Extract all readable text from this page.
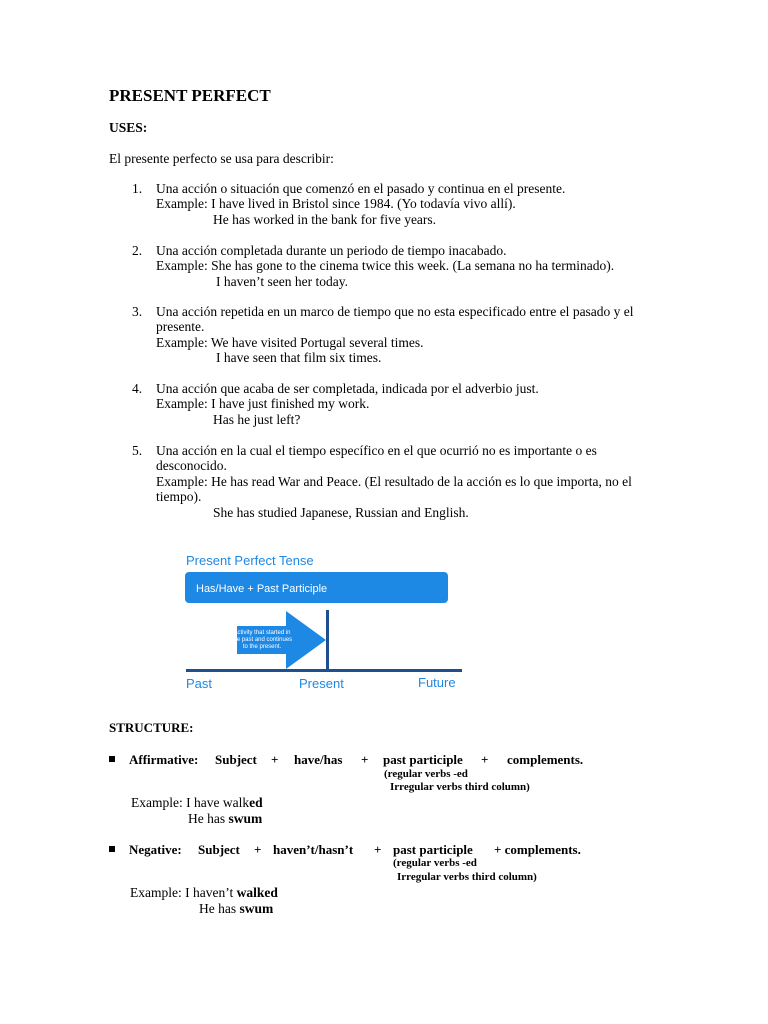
PRESENT PERFECT
USES:
El presente perfecto se usa para describir:
1. Una acción o situación que comenzó en el pasado y continua en el presente.
Example: I have lived in Bristol since 1984. (Yo todavía vivo allí).
He has worked in the bank for five years.
2. Una acción completada durante un periodo de tiempo inacabado.
Example: She has gone to the cinema twice this week. (La semana no ha terminado).
I haven’t seen her today.
3. Una acción repetida en un marco de tiempo que no esta especificado entre el pasado y el
presente.
Example: We have visited Portugal several times.
I have seen that film six times.
4. Una acción que acaba de ser completada, indicada por el adverbio just.
Example: I have just finished my work.
Has he just left?
5. Una acción en la cual el tiempo específico en el que ocurrió no es importante o es
desconocido.
Example: He has read War and Peace. (El resultado de la acción es lo que importa, no el
tiempo).
She has studied Japanese, Russian and English.
Present Perfect Tense
Has/Have + Past Participle
Activity that started in
the past and continues
to the present.
Past	Present	Future
STRUCTURE:
Affirmative: Subject + have/has + past participle + complements.
(regular verbs -ed
Irregular verbs third column)
Example: I have walked
He has swum
Negative: Subject + haven’t/hasn’t + past participle + complements.
(regular verbs -ed
Irregular verbs third column)
Example: I haven’t walked
He has swum
